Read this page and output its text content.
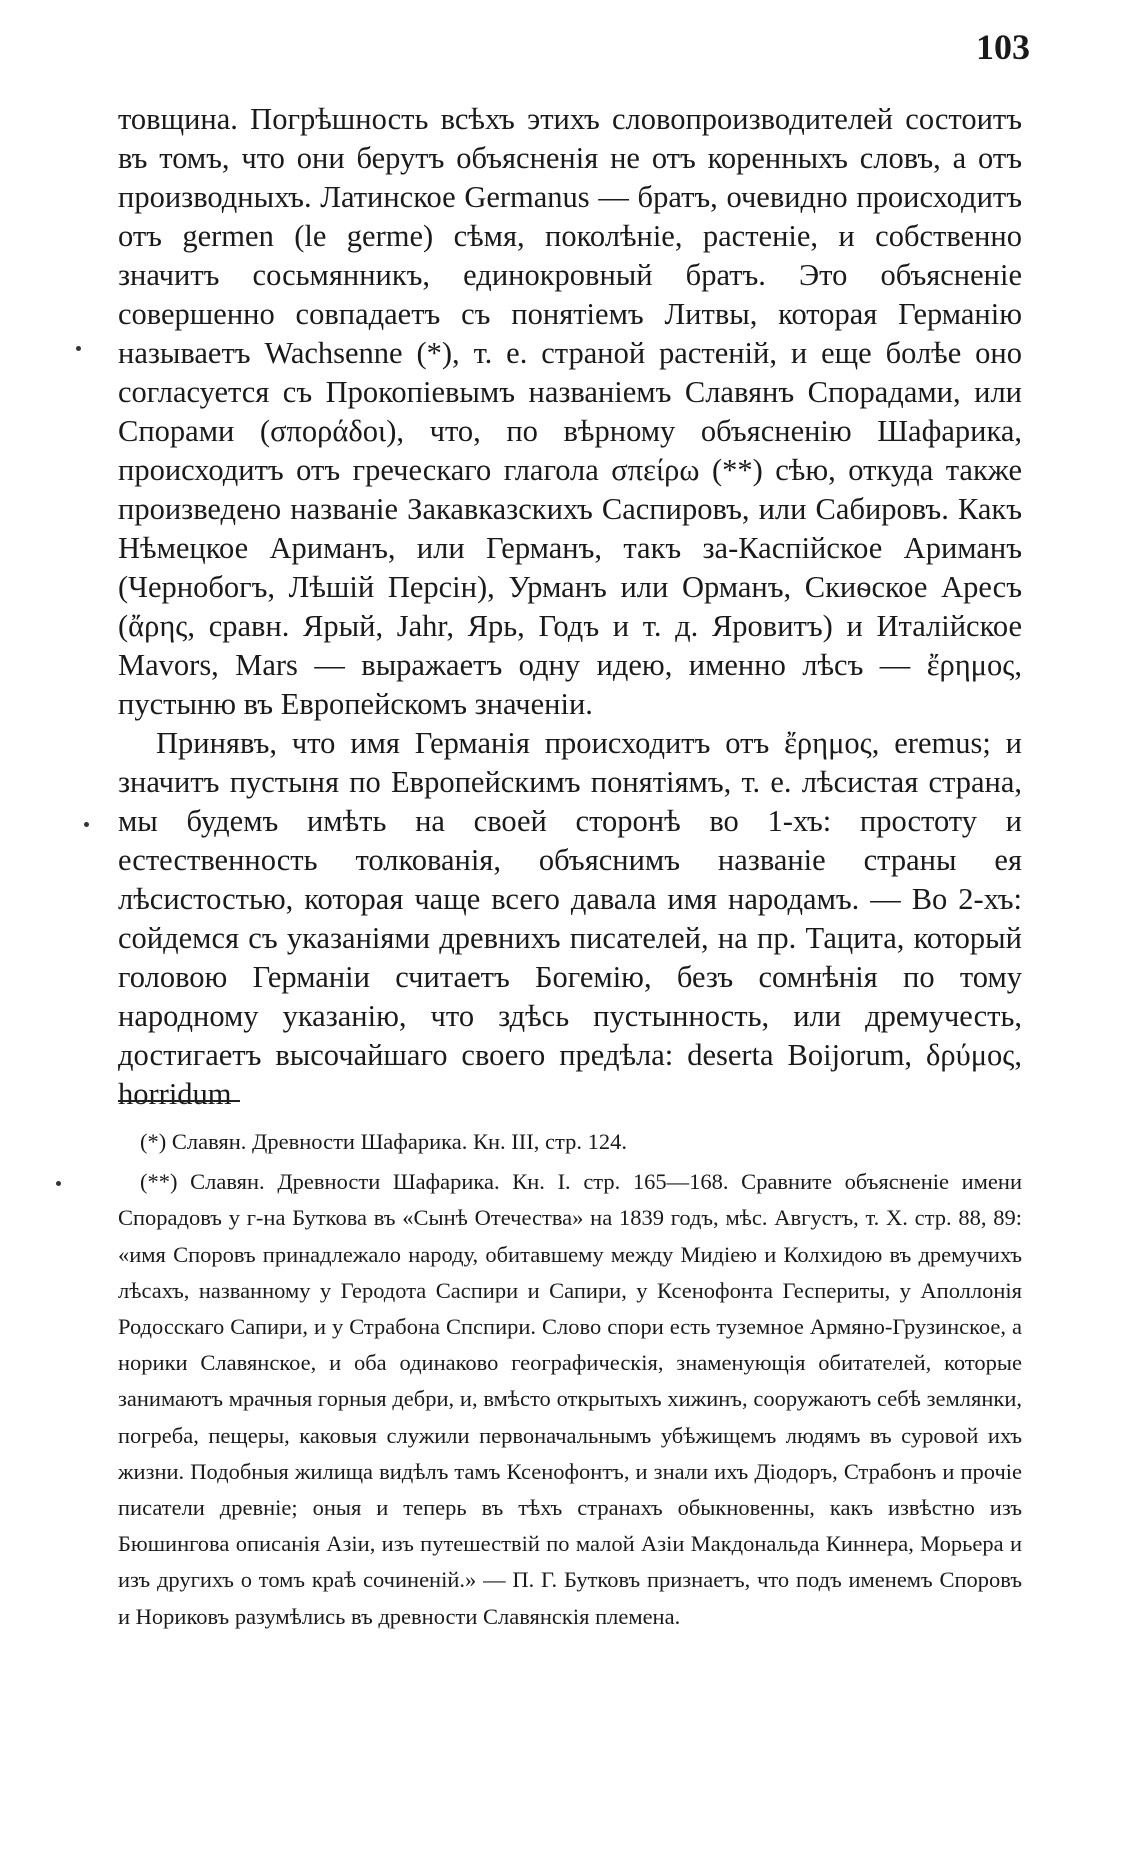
103

товщина. Погрѣшность всѣхъ этихъ словопроизводителей состоитъ въ томъ, что они берутъ объясненія не отъ коренныхъ словъ, а отъ производныхъ. Латинское Germanus — братъ, очевидно происходитъ отъ germen (le germe) сѣмя, поколѣніе, растеніе, и собственно значитъ сосьмянникъ, единокровный братъ. Это объясненіе совершенно совпадаетъ съ понятіемъ Литвы, которая Германію называетъ Wachsenne (*), т. е. страной растеній, и еще болѣе оно согласуется съ Прокопіевымъ названіемъ Славянъ Спорадами, или Спорами (σποράδοι), что, по вѣрному объясненію Шафарика, происходитъ отъ греческаго глагола σπείρω (**) сѣю, откуда также произведено названіе Закавказскихъ Саспировъ, или Сабировъ. Какъ Нѣмецкое Ариманъ, или Германъ, такъ за-Каспійское Ариманъ (Чернобогъ, Лѣшій Персін), Урманъ или Орманъ, Скиѳское Аресъ (ἄρης, сравн. Ярый, Jahr, Ярь, Годъ и т. д. Яровитъ) и Италійское Mavors, Mars — выражаетъ одну идею, именно лѣсъ — ἔρημος, пустыню въ Европейскомъ значеніи.

Принявъ, что имя Германія происходитъ отъ ἔρημος, eremus; и значитъ пустыня по Европейскимъ понятіямъ, т. е. лѣсистая страна, мы будемъ имѣть на своей сторонѣ во 1-хъ: простоту и естественность толкованія, объяснимъ названіе страны ея лѣсистостью, которая чаще всего давала имя народамъ. — Во 2-хъ: сойдемся съ указаніями древнихъ писателей, на пр. Тацита, который головою Германіи считаетъ Богемію, безъ сомнѣнія по тому народному указанію, что здѣсь пустынность, или дремучесть, достигаетъ высочайшаго своего предѣла: deserta Boijorum, δρύμος, horridum

(*) Славян. Древности Шафарика. Кн. III, стр. 124.

(**) Славян. Древности Шафарика. Кн. I. стр. 165—168. Сравните объясненіе имени Спорадовъ у г-на Буткова въ «Сынѣ Отечества» на 1839 годъ, мѣс. Августъ, т. X. стр. 88, 89: «имя Споровъ принадлежало народу, обитавшему между Мидіею и Колхидою въ дремучихъ лѣсахъ, названному у Геродота Саспири и Сапири, у Ксенофонта Геспериты, у Аполлонія Родосскаго Сапири, и у Страбона Спспири. Слово спори есть туземное Армяно-Грузинское, а норики Славянское, и оба одинаково географическія, знаменующія обитателей, которые занимаютъ мрачныя горныя дебри, и, вмѣсто открытыхъ хижинъ, сооружаютъ себѣ землянки, погреба, пещеры, каковыя служили первоначальнымъ убѣжищемъ людямъ въ суровой ихъ жизни. Подобныя жилища видѣлъ тамъ Ксенофонтъ, и знали ихъ Діодоръ, Страбонъ и прочіе писатели древніе; оныя и теперь въ тѣхъ странахъ обыкновенны, какъ извѣстно изъ Бюшингова описанія Азіи, изъ путешествій по малой Азіи Макдональда Киннера, Морьера и изъ другихъ о томъ краѣ сочиненій.» — П. Г. Бутковъ признаетъ, что подъ именемъ Споровъ и Нориковъ разумѣлись въ древности Славянскія племена.
